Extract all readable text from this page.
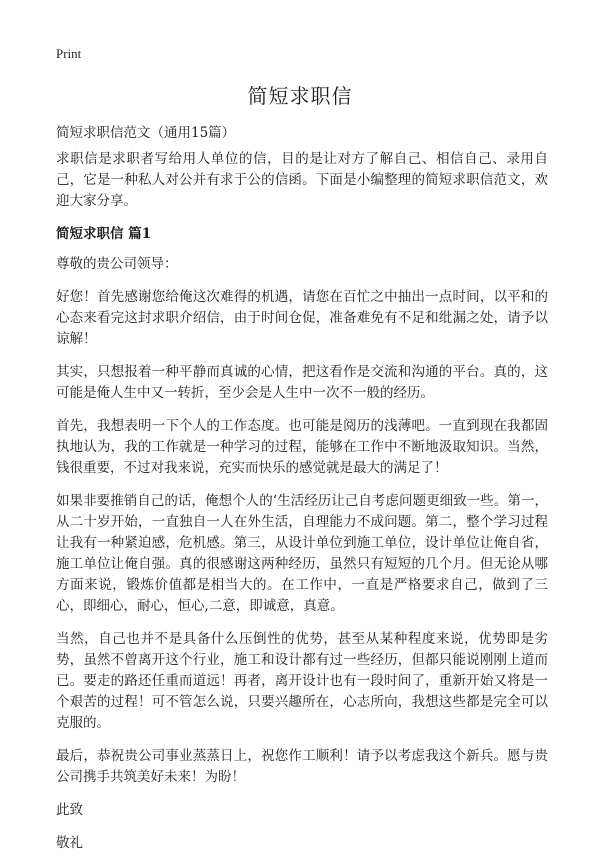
Print
简短求职信

简短求职信范文（通用15篇）

求职信是求职者写给用人单位的信，目的是让对方了解自己、相信自己、录用自己，它是一种私人对公并有求于公的信函。下面是小编整理的简短求职信范文，欢迎大家分享。

简短求职信 篇1

尊敬的贵公司领导：

好您！首先感谢您给俺这次难得的机遇，请您在百忙之中抽出一点时间，以平和的心态来看完这封求职介绍信，由于时间仓促，准备难免有不足和纰漏之处，请予以谅解！

其实，只想报着一种平静而真诚的心情，把这看作是交流和沟通的平台。真的，这可能是俺人生中又一转折，至少会是人生中一次不一般的经历。

首先，我想表明一下个人的工作态度。也可能是阅历的浅薄吧。一直到现在我都固执地认为，我的工作就是一种学习的过程，能够在工作中不断地汲取知识。当然，钱很重要，不过对我来说，充实而快乐的感觉就是最大的满足了！

如果非要推销自己的话，俺想个人的‘生活经历让己自考虑问题更细致一些。第一，从二十岁开始，一直独自一人在外生活，自理能力不成问题。第二，整个学习过程让我有一种紧迫感，危机感。第三，从设计单位到施工单位，设计单位让俺自省，施工单位让俺自强。真的很感谢这两种经历，虽然只有短短的几个月。但无论从哪方面来说，锻炼价值都是相当大的。在工作中，一直是严格要求自己，做到了三心，即细心，耐心，恒心,二意，即诚意，真意。

当然，自己也并不是具备什么压倒性的优势，甚至从某种程度来说，优势即是劣势，虽然不曾离开这个行业，施工和设计都有过一些经历，但都只能说刚刚上道而已。要走的路还任重而道远！再者，离开设计也有一段时间了，重新开始又将是一个艰苦的过程！可不管怎么说，只要兴趣所在，心志所向，我想这些都是完全可以克服的。

最后，恭祝贵公司事业蒸蒸日上，祝您作工顺利！请予以考虑我这个新兵。愿与贵公司携手共筑美好未来！为盼！

此致

敬礼
